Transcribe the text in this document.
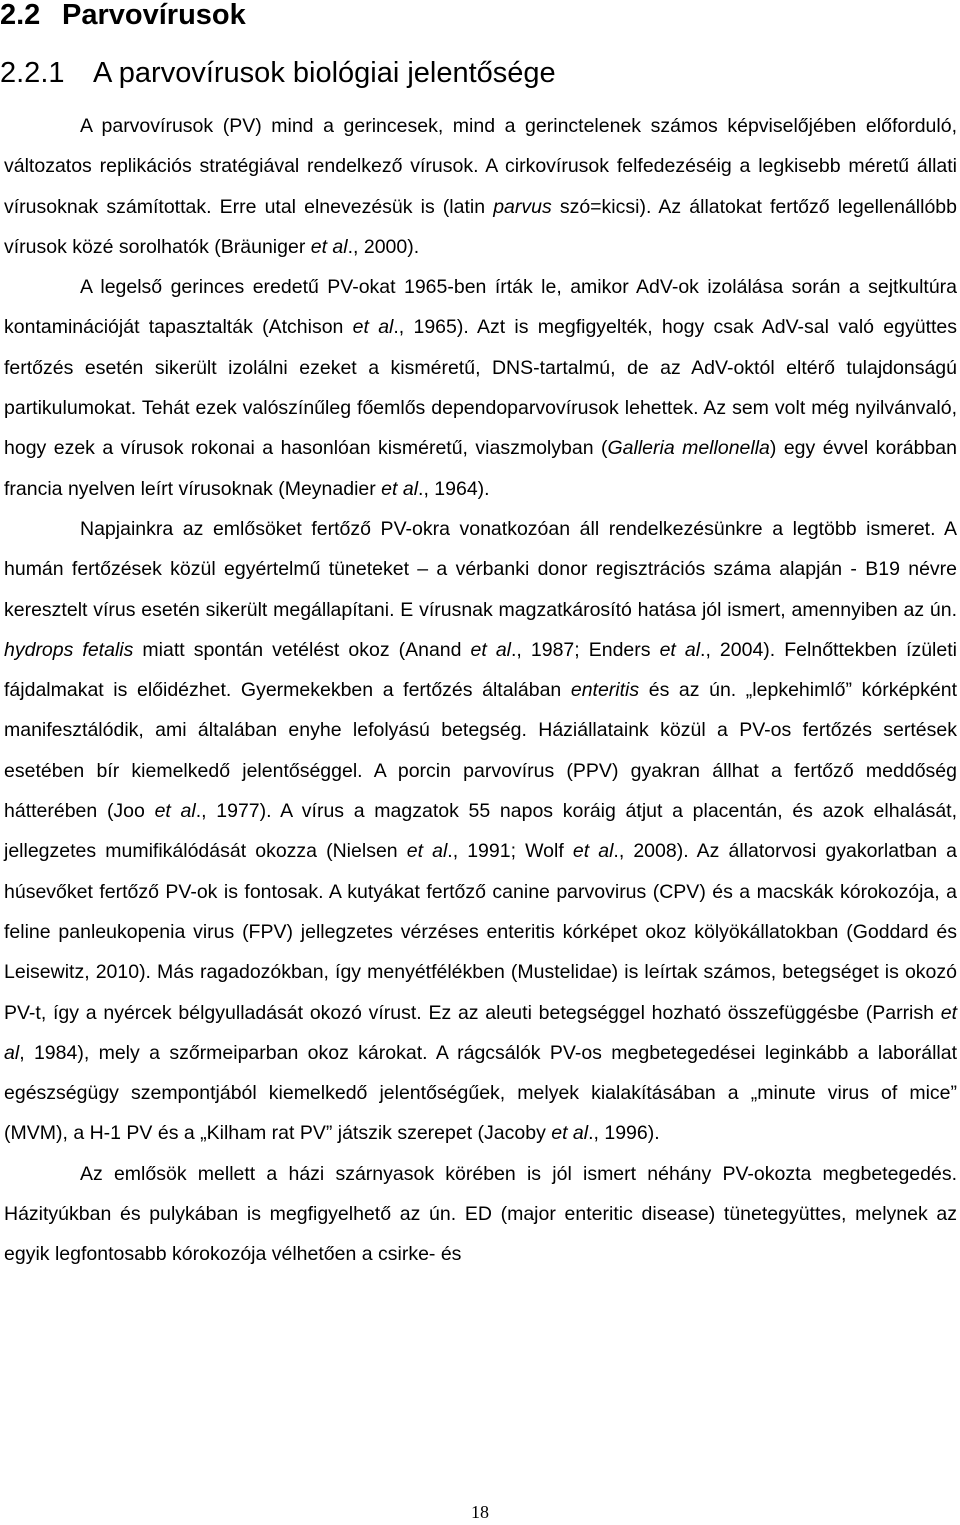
2.2 Parvovírusok
2.2.1 A parvovírusok biológiai jelentősége

A parvovírusok (PV) mind a gerincesek, mind a gerinctelenek számos képviselőjében előforduló, változatos replikációs stratégiával rendelkező vírusok. A cirkovírusok felfedezéséig a legkisebb méretű állati vírusoknak számítottak. Erre utal elnevezésük is (latin parvus szó=kicsi). Az állatokat fertőző legellenállóbb vírusok közé sorolhatók (Bräuniger et al., 2000).

A legelső gerinces eredetű PV-okat 1965-ben írták le, amikor AdV-ok izolálása során a sejtkultúra kontaminációját tapasztalták (Atchison et al., 1965). Azt is megfigyelték, hogy csak AdV-sal való együttes fertőzés esetén sikerült izolálni ezeket a kisméretű, DNS-tartalmú, de az AdV-októl eltérő tulajdonságú partikulumokat. Tehát ezek valószínűleg főemlős dependoparvovírusok lehettek. Az sem volt még nyilvánvaló, hogy ezek a vírusok rokonai a hasonlóan kisméretű, viaszmolyban (Galleria mellonella) egy évvel korábban francia nyelven leírt vírusoknak (Meynadier et al., 1964).

Napjainkra az emlősöket fertőző PV-okra vonatkozóan áll rendelkezésünkre a legtöbb ismeret. A humán fertőzések közül egyértelmű tüneteket – a vérbanki donor regisztrációs száma alapján - B19 névre keresztelt vírus esetén sikerült megállapítani. E vírusnak magzatkárosító hatása jól ismert, amennyiben az ún. hydrops fetalis miatt spontán vetélést okoz (Anand et al., 1987; Enders et al., 2004). Felnőttekben ízületi fájdalmakat is előidézhet. Gyermekekben a fertőzés általában enteritis és az ún. „lepkehimlő” kórképként manifesztálódik, ami általában enyhe lefolyású betegség. Háziállataink közül a PV-os fertőzés sertések esetében bír kiemelkedő jelentőséggel. A porcin parvovírus (PPV) gyakran állhat a fertőző meddőség hátterében (Joo et al., 1977). A vírus a magzatok 55 napos koráig átjut a placentán, és azok elhalását, jellegzetes mumifikálódását okozza (Nielsen et al., 1991; Wolf et al., 2008). Az állatorvosi gyakorlatban a húsevőket fertőző PV-ok is fontosak. A kutyákat fertőző canine parvovirus (CPV) és a macskák kórokozója, a feline panleukopenia virus (FPV) jellegzetes vérzéses enteritis kórképet okoz kölyökállatokban (Goddard és Leisewitz, 2010). Más ragadozókban, így menyétfélékben (Mustelidae) is leírtak számos, betegséget is okozó PV-t, így a nyércek bélgyulladását okozó vírust. Ez az aleuti betegséggel hozható összefüggésbe (Parrish et al, 1984), mely a szőrmeiparban okoz károkat. A rágcsálók PV-os megbetegedései leginkább a laborállat egészségügy szempontjából kiemelkedő jelentőségűek, melyek kialakításában a „minute virus of mice” (MVM), a H-1 PV és a „Kilham rat PV” játszik szerepet (Jacoby et al., 1996).

Az emlősök mellett a házi szárnyasok körében is jól ismert néhány PV-okozta megbetegedés. Házityúkban és pulykában is megfigyelhető az ún. ED (major enteritic disease) tünetegyüttes, melynek az egyik legfontosabb kórokozója vélhetően a csirke- és

18
